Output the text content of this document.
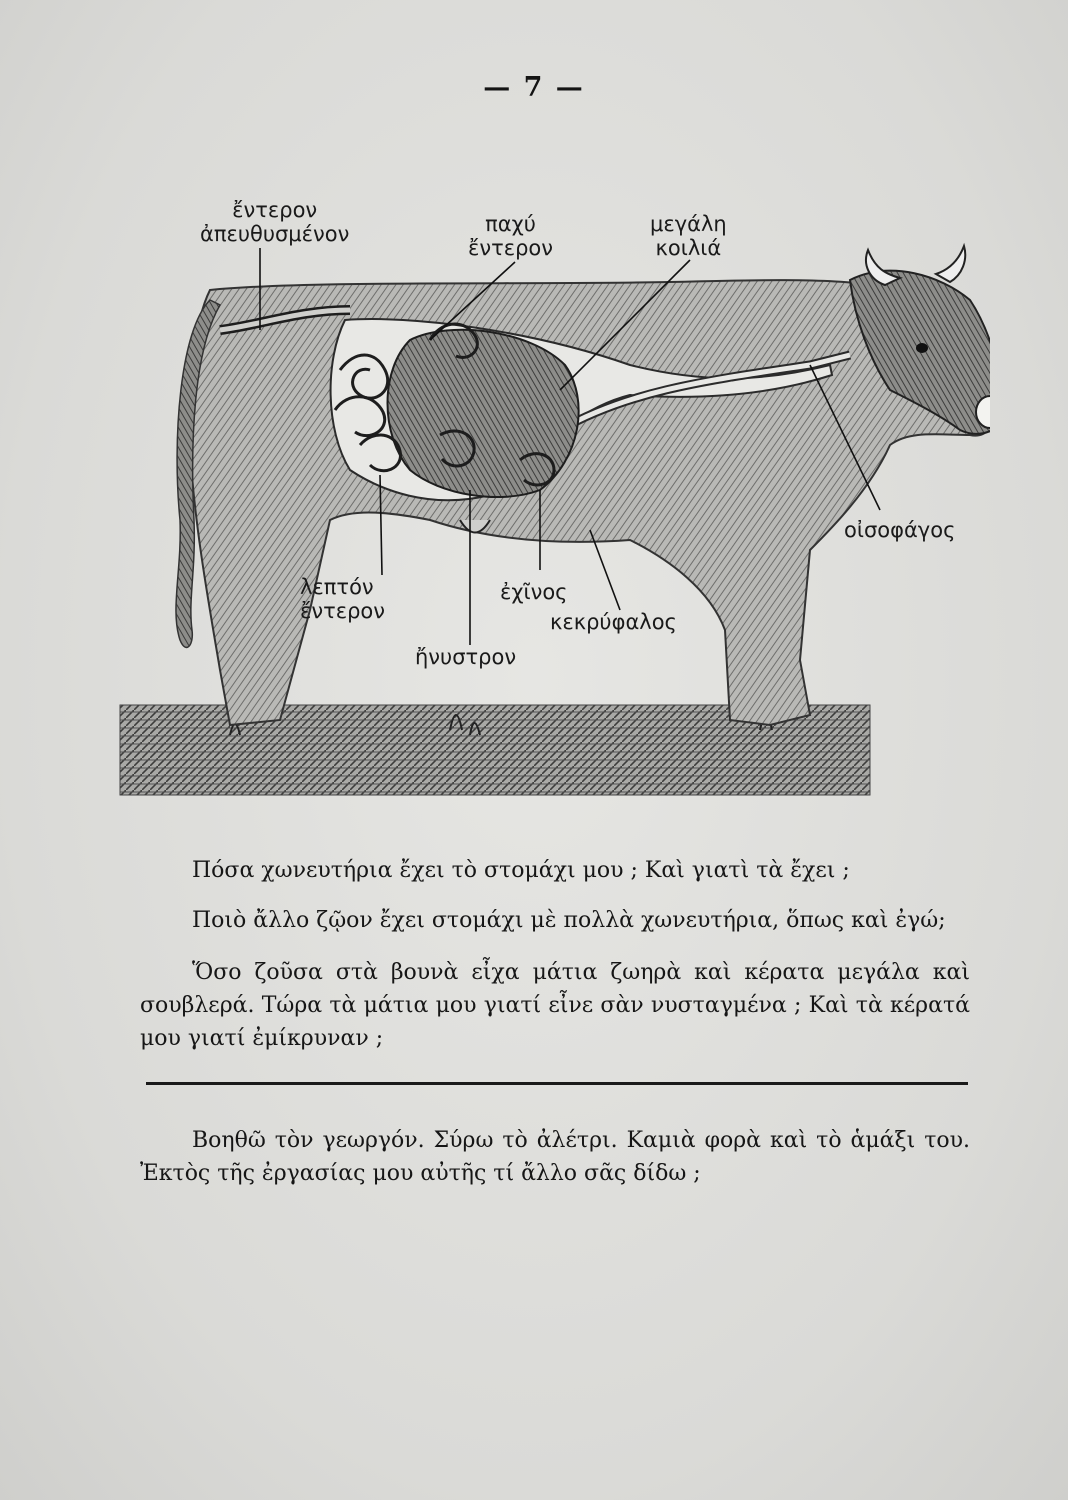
— 7 —
ἔντερον
ἀπευθυσμένον	παχύ
ἔντερον
μεγάλη
κοιλιά
οἰσοφάγος
λεπτόν
ἔντερον
ἐχῖνος
κεκρύφαλος
ἤνυστρον

Πόσα χωνευτήρια ἔχει τὸ στομάχι μου ; Καὶ γιατὶ τὰ ἔχει ;

Ποιὸ ἄλλο ζῷον ἔχει στομάχι μὲ πολλὰ χωνευτήρια, ὅπως καὶ ἐγώ;

Ὅσο ζοῦσα στὰ βουνὰ εἶχα μάτια ζωηρὰ καὶ κέρατα μεγάλα καὶ σουβλερά. Τώρα τὰ μάτια μου γιατί εἶνε σὰν νυσταγμένα ; Καὶ τὰ κέρατά μου γιατί ἐμίκρυναν ;

Βοηθῶ τὸν γεωργόν. Σύρω τὸ ἀλέτρι. Καμιὰ φορὰ καὶ τὸ ἁμάξι του. Ἐκτὸς τῆς ἐργασίας μου αὐτῆς τί ἄλλο σᾶς δίδω ;
